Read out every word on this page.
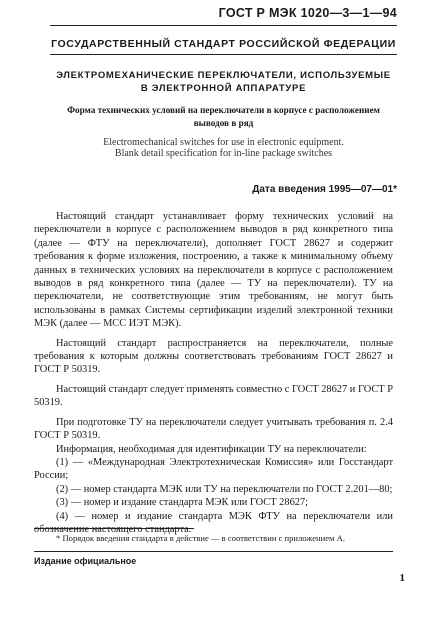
ГОСТ Р МЭК 1020—3—1—94
ГОСУДАРСТВЕННЫЙ СТАНДАРТ РОССИЙСКОЙ ФЕДЕРАЦИИ
ЭЛЕКТРОМЕХАНИЧЕСКИЕ ПЕРЕКЛЮЧАТЕЛИ, ИСПОЛЬЗУЕМЫЕ
В ЭЛЕКТРОННОЙ АППАРАТУРЕ
Форма технических условий на переключатели в корпусе с расположением
выводов в ряд
Electromechanical switches for use in electronic equipment.
Blank detail specification for in-line package switches
Дата введения 1995—07—01*

Настоящий стандарт устанавливает форму технических условий на переключатели в корпусе с расположением выводов в ряд конкретного типа (далее — ФТУ на переключатели), дополняет ГОСТ 28627 и содержит требования к форме изложения, построению, а также к минимальному объему данных в технических условиях на переключатели в корпусе с расположением выводов в ряд конкретного типа (далее — ТУ на переключатели). ТУ на переключатели, не соответствующие этим требованиям, не могут быть использованы в рамках Системы сертификации изделий электронной техники МЭК (далее — МСС ИЭТ МЭК).

Настоящий стандарт распространяется на переключатели, полные требования к которым должны соответствовать требованиям ГОСТ 28627 и ГОСТ Р 50319.

Настоящий стандарт следует применять совместно с ГОСТ 28627 и ГОСТ Р 50319.

При подготовке ТУ на переключатели следует учитывать требования п. 2.4 ГОСТ Р 50319.

Информация, необходимая для идентификации ТУ на переключатели:

(1) — «Международная Электротехническая Комиссия» или Госстандарт России;

(2) — номер стандарта МЭК или ТУ на переключатели по ГОСТ 2.201—80;

(3) — номер и издание стандарта МЭК или ГОСТ 28627;

(4) — номер и издание стандарта МЭК ФТУ на переключатели или обозначение настоящего стандарта.

* Порядок введения стандарта в действие — в соответствии с приложением А.
Издание официальное
1
